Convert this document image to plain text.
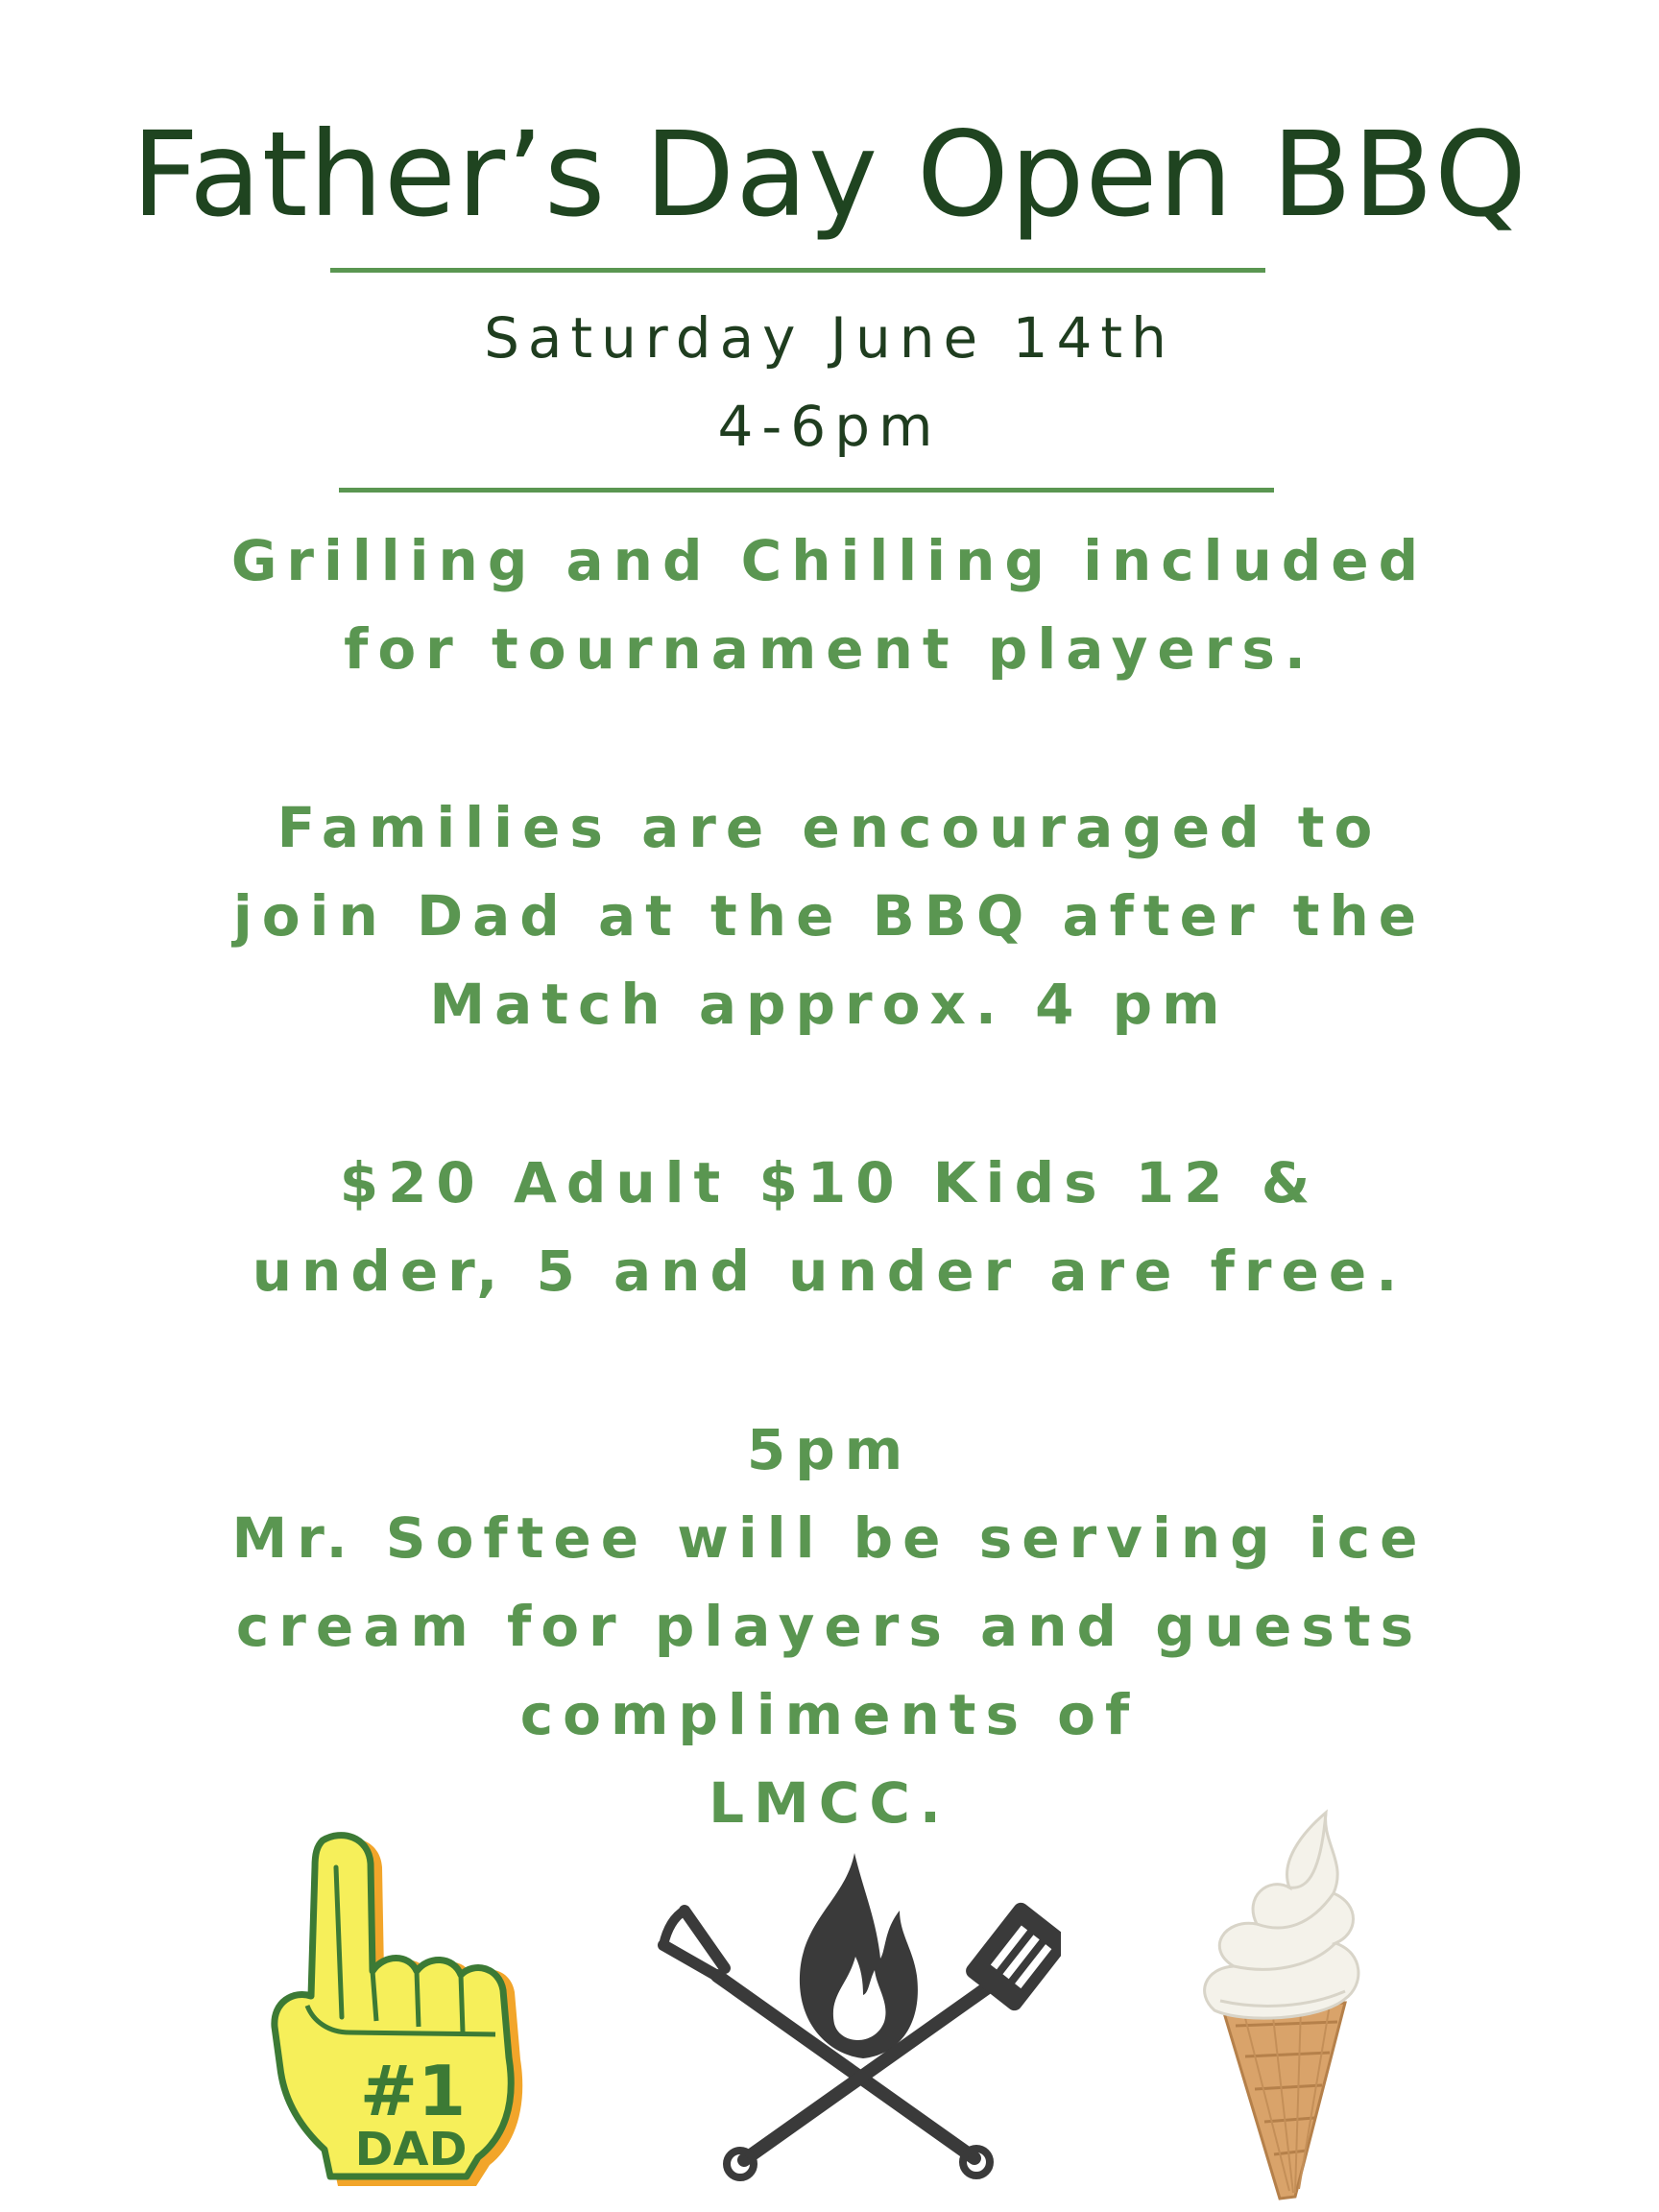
Father’s Day Open BBQ
Saturday June 14th
4-6pm
Grilling and Chilling included
for tournament players.
Families are encouraged to
join Dad at the BBQ after the
Match approx. 4 pm
$20 Adult $10 Kids 12 &
under, 5 and under are free.
5pm
Mr. Softee will be serving ice
cream for players and guests
compliments of
LMCC.
#1
DAD
